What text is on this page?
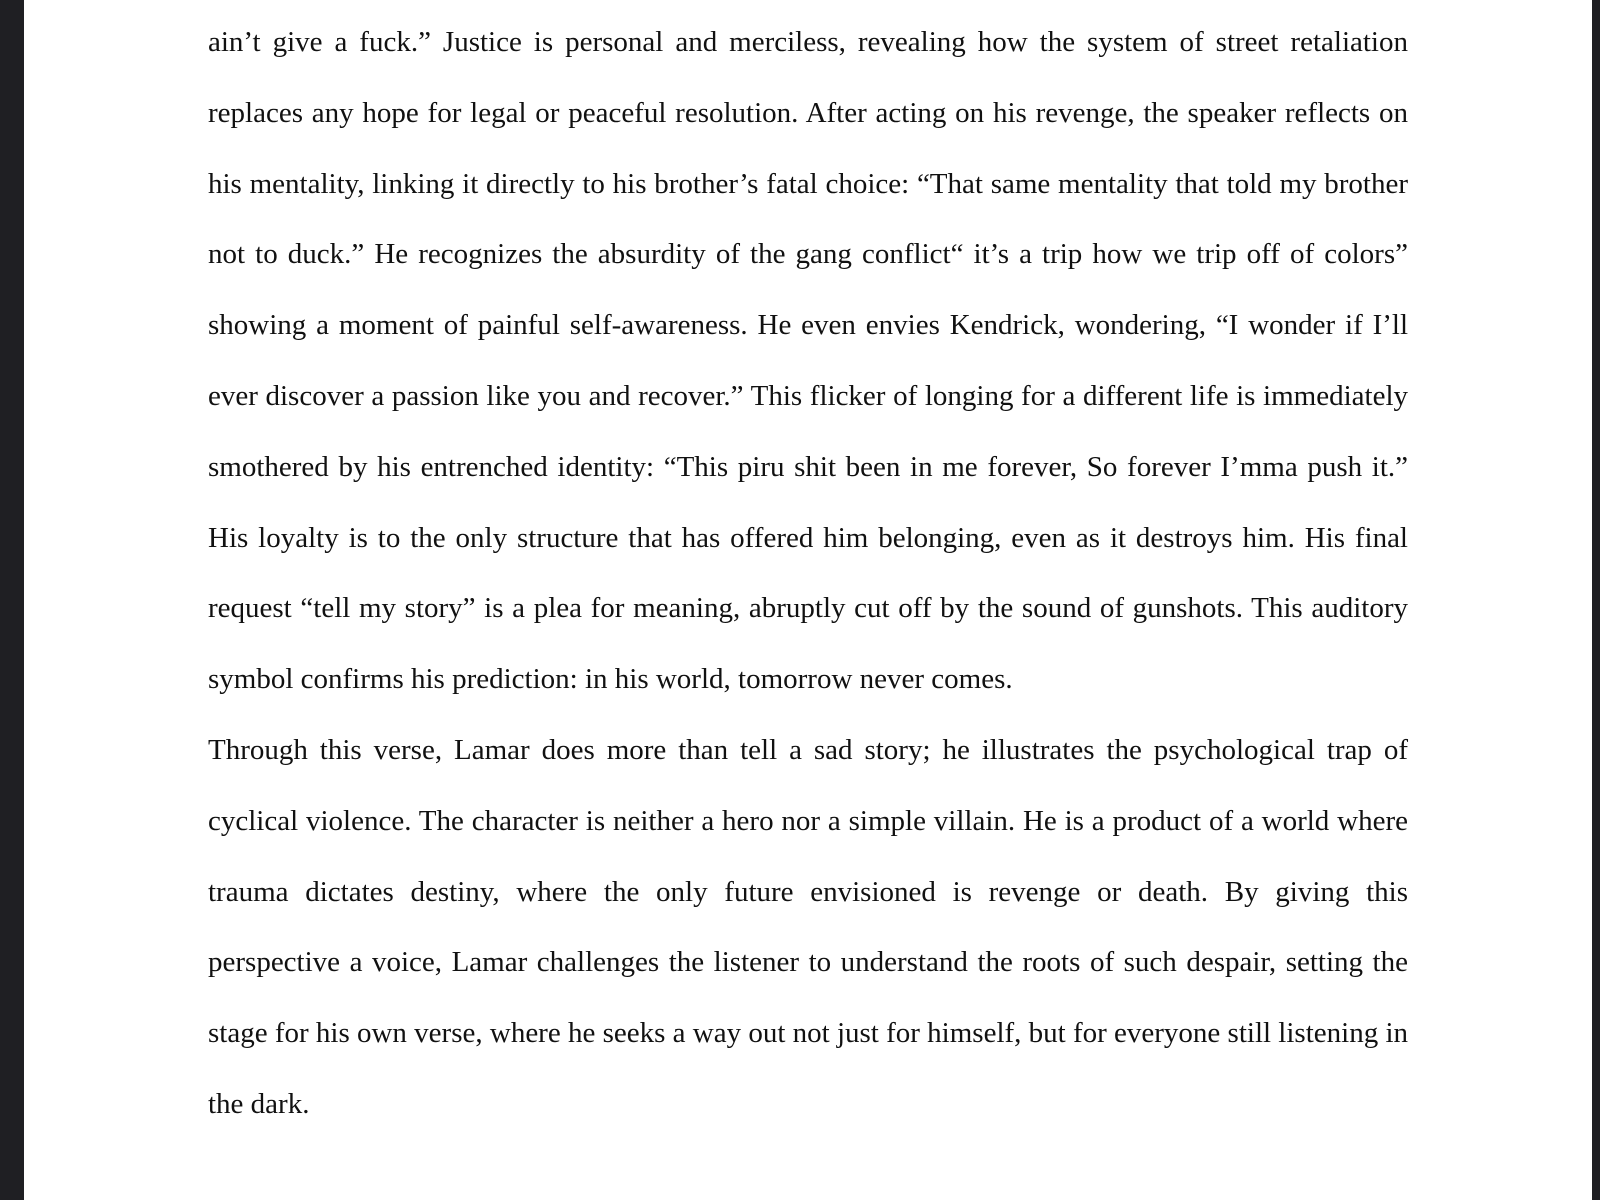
ain’t give a fuck.” Justice is personal and merciless, revealing how the system of street retaliation replaces any hope for legal or peaceful resolution. After acting on his revenge, the speaker reflects on his mentality, linking it directly to his brother’s fatal choice: “That same mentality that told my brother not to duck.” He recognizes the absurdity of the gang conflict“ it’s a trip how we trip off of colors” showing a moment of painful self-awareness. He even envies Kendrick, wondering, “I wonder if I’ll ever discover a passion like you and recover.” This flicker of longing for a different life is immediately smothered by his entrenched identity: “This piru shit been in me forever, So forever I’mma push it.” His loyalty is to the only structure that has offered him belonging, even as it destroys him. His final request “tell my story” is a plea for meaning, abruptly cut off by the sound of gunshots. This auditory symbol confirms his prediction: in his world, tomorrow never comes.

Through this verse, Lamar does more than tell a sad story; he illustrates the psychological trap of cyclical violence. The character is neither a hero nor a simple villain. He is a product of a world where trauma dictates destiny, where the only future envisioned is revenge or death. By giving this perspective a voice, Lamar challenges the listener to understand the roots of such despair, setting the stage for his own verse, where he seeks a way out not just for himself, but for everyone still listening in the dark.
